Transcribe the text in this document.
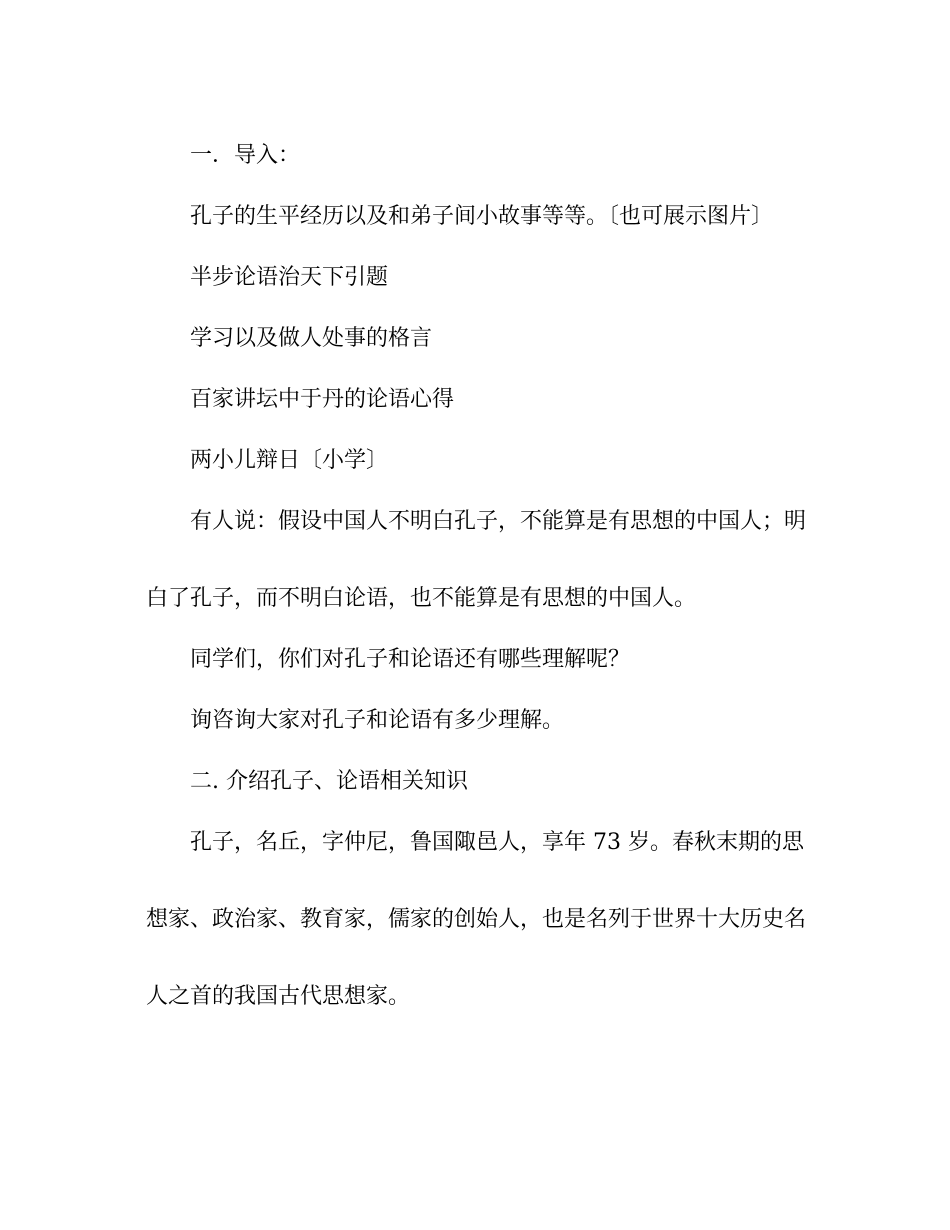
一．导入：

孔子的生平经历以及和弟子间小故事等等。〔也可展示图片〕

半步论语治天下引题

学习以及做人处事的格言

百家讲坛中于丹的论语心得

两小儿辩日〔小学〕

有人说：假设中国人不明白孔子，不能算是有思想的中国人；明

白了孔子，而不明白论语，也不能算是有思想的中国人。

同学们，你们对孔子和论语还有哪些理解呢？

询咨询大家对孔子和论语有多少理解。

二. 介绍孔子、论语相关知识

孔子，名丘，字仲尼，鲁国陬邑人，享年 73 岁。春秋末期的思

想家、政治家、教育家，儒家的创始人，也是名列于世界十大历史名

人之首的我国古代思想家。
